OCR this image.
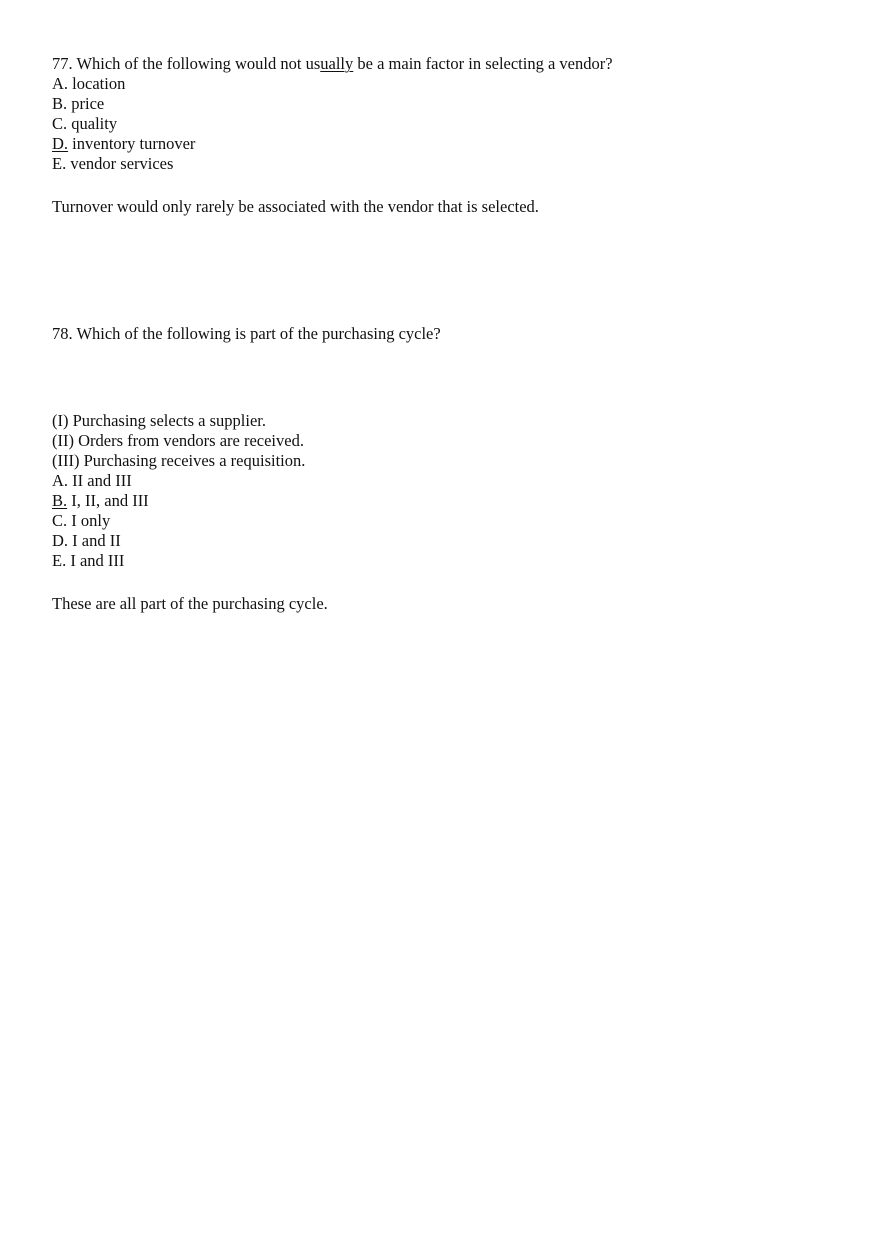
77. Which of the following would not usually be a main factor in selecting a vendor?
A. location
B. price
C. quality
D. inventory turnover
E. vendor services
Turnover would only rarely be associated with the vendor that is selected.
78. Which of the following is part of the purchasing cycle?
(I) Purchasing selects a supplier.
(II) Orders from vendors are received.
(III) Purchasing receives a requisition.
A. II and III
B. I, II, and III
C. I only
D. I and II
E. I and III
These are all part of the purchasing cycle.
